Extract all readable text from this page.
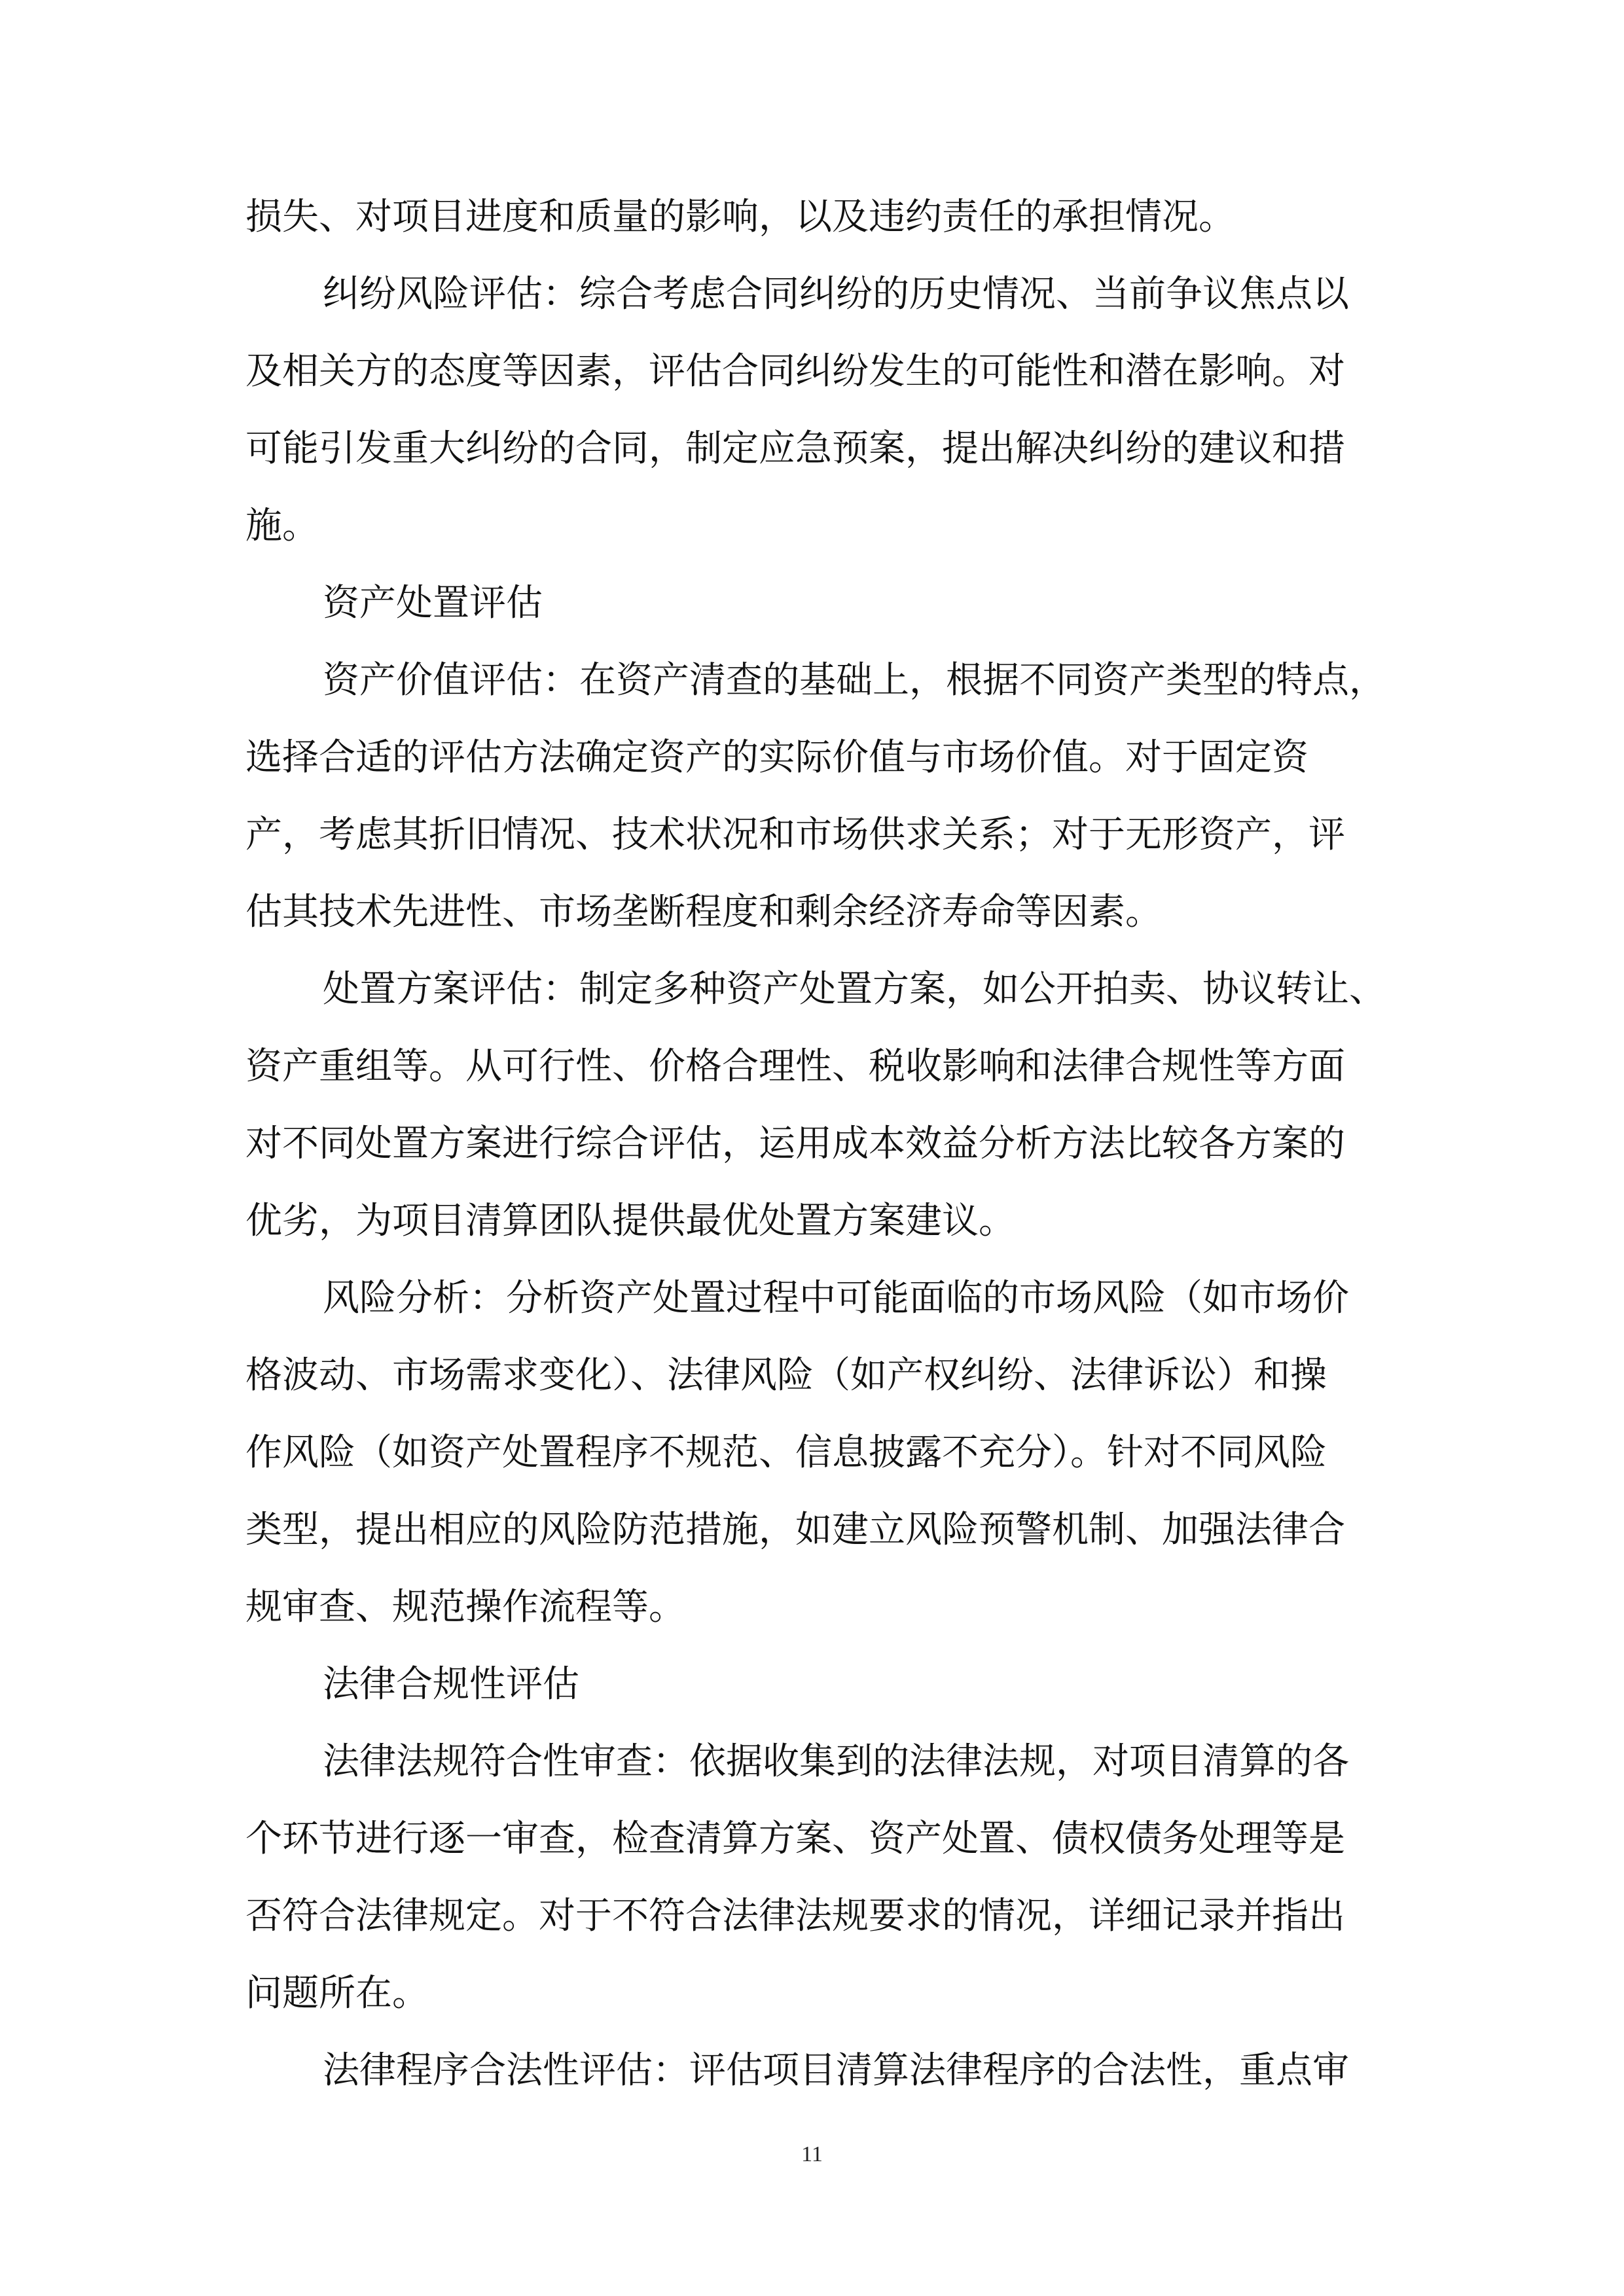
损失、对项目进度和质量的影响，以及违约责任的承担情况。

纠纷风险评估：综合考虑合同纠纷的历史情况、当前争议焦点以

及相关方的态度等因素，评估合同纠纷发生的可能性和潜在影响。对

可能引发重大纠纷的合同，制定应急预案，提出解决纠纷的建议和措

施。

资产处置评估

资产价值评估：在资产清查的基础上，根据不同资产类型的特点，

选择合适的评估方法确定资产的实际价值与市场价值。对于固定资

产，考虑其折旧情况、技术状况和市场供求关系；对于无形资产，评

估其技术先进性、市场垄断程度和剩余经济寿命等因素。

处置方案评估：制定多种资产处置方案，如公开拍卖、协议转让、

资产重组等。从可行性、价格合理性、税收影响和法律合规性等方面

对不同处置方案进行综合评估，运用成本效益分析方法比较各方案的

优劣，为项目清算团队提供最优处置方案建议。

风险分析：分析资产处置过程中可能面临的市场风险（如市场价

格波动、市场需求变化）、法律风险（如产权纠纷、法律诉讼）和操

作风险（如资产处置程序不规范、信息披露不充分）。针对不同风险

类型，提出相应的风险防范措施，如建立风险预警机制、加强法律合

规审查、规范操作流程等。

法律合规性评估

法律法规符合性审查：依据收集到的法律法规，对项目清算的各

个环节进行逐一审查，检查清算方案、资产处置、债权债务处理等是

否符合法律规定。对于不符合法律法规要求的情况，详细记录并指出

问题所在。

法律程序合法性评估：评估项目清算法律程序的合法性，重点审

11
